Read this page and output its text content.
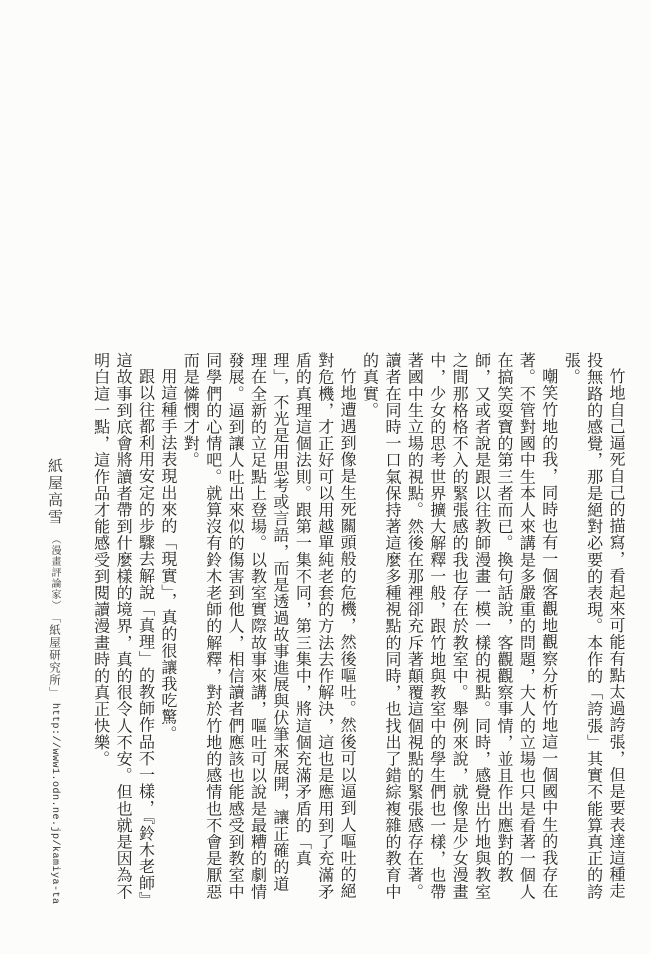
竹地自己逼死自己的描寫，看起來可能有點太過誇張，但是要表達這種走投無路的感覺，那是絕對必要的表現。本作的「誇張」其實不能算真正的誇張。

嘲笑竹地的我，同時也有一個客觀地觀察分析竹地這一個國中生的我存在著。不管對國中生本人來講是多嚴重的問題，大人的立場也只是看著一個人在搞笑耍寶的第三者而已。換句話說，客觀觀察事情，並且作出應對的教師，又或者說是跟以往教師漫畫一模一樣的視點。同時，感覺出竹地與教室之間那格格不入的緊張感的我也存在於教室中。舉例來說，就像是少女漫畫中，少女的思考世界擴大解釋一般，跟竹地與教室中的學生們也一樣，也帶著國中生立場的視點。然後在那裡卻充斥著顛覆這個視點的緊張感存在著。讀者在同時一口氣保持著這麼多種視點的同時，也找出了錯綜複雜的教育中的真實。

竹地遭遇到像是生死關頭般的危機，然後嘔吐。然後可以逼到人嘔吐的絕對危機，才正好可以用越單純老套的方法去作解決，這也是應用到了充滿矛盾的真理這個法則。跟第一集不同，第三集中，將這個充滿矛盾的「真理」，不光是用思考或言語，而是透過故事進展與伏筆來展開，讓正確的道理在全新的立足點上登場。以教室實際故事來講，嘔吐可以說是最糟的劇情發展。逼到讓人吐出來似的傷害到他人，相信讀者們應該也能感受到教室中同學們的心情吧。就算沒有鈴木老師的解釋，對於竹地的感情也不會是厭惡而是憐憫才對。

用這種手法表現出來的「現實」，真的很讓我吃驚。

跟以往都利用安定的步驟去解說「真理」的教師作品不一樣，『鈴木老師』這故事到底會將讀者帶到什麼樣的境界，真的很令人不安。但也就是因為不明白這一點，這作品才能感受到閱讀漫畫時的真正快樂。

紙屋高雪（漫畫評論家）「紙屋研究所」http://www1.odn.ne.jp/kamiya-ta
